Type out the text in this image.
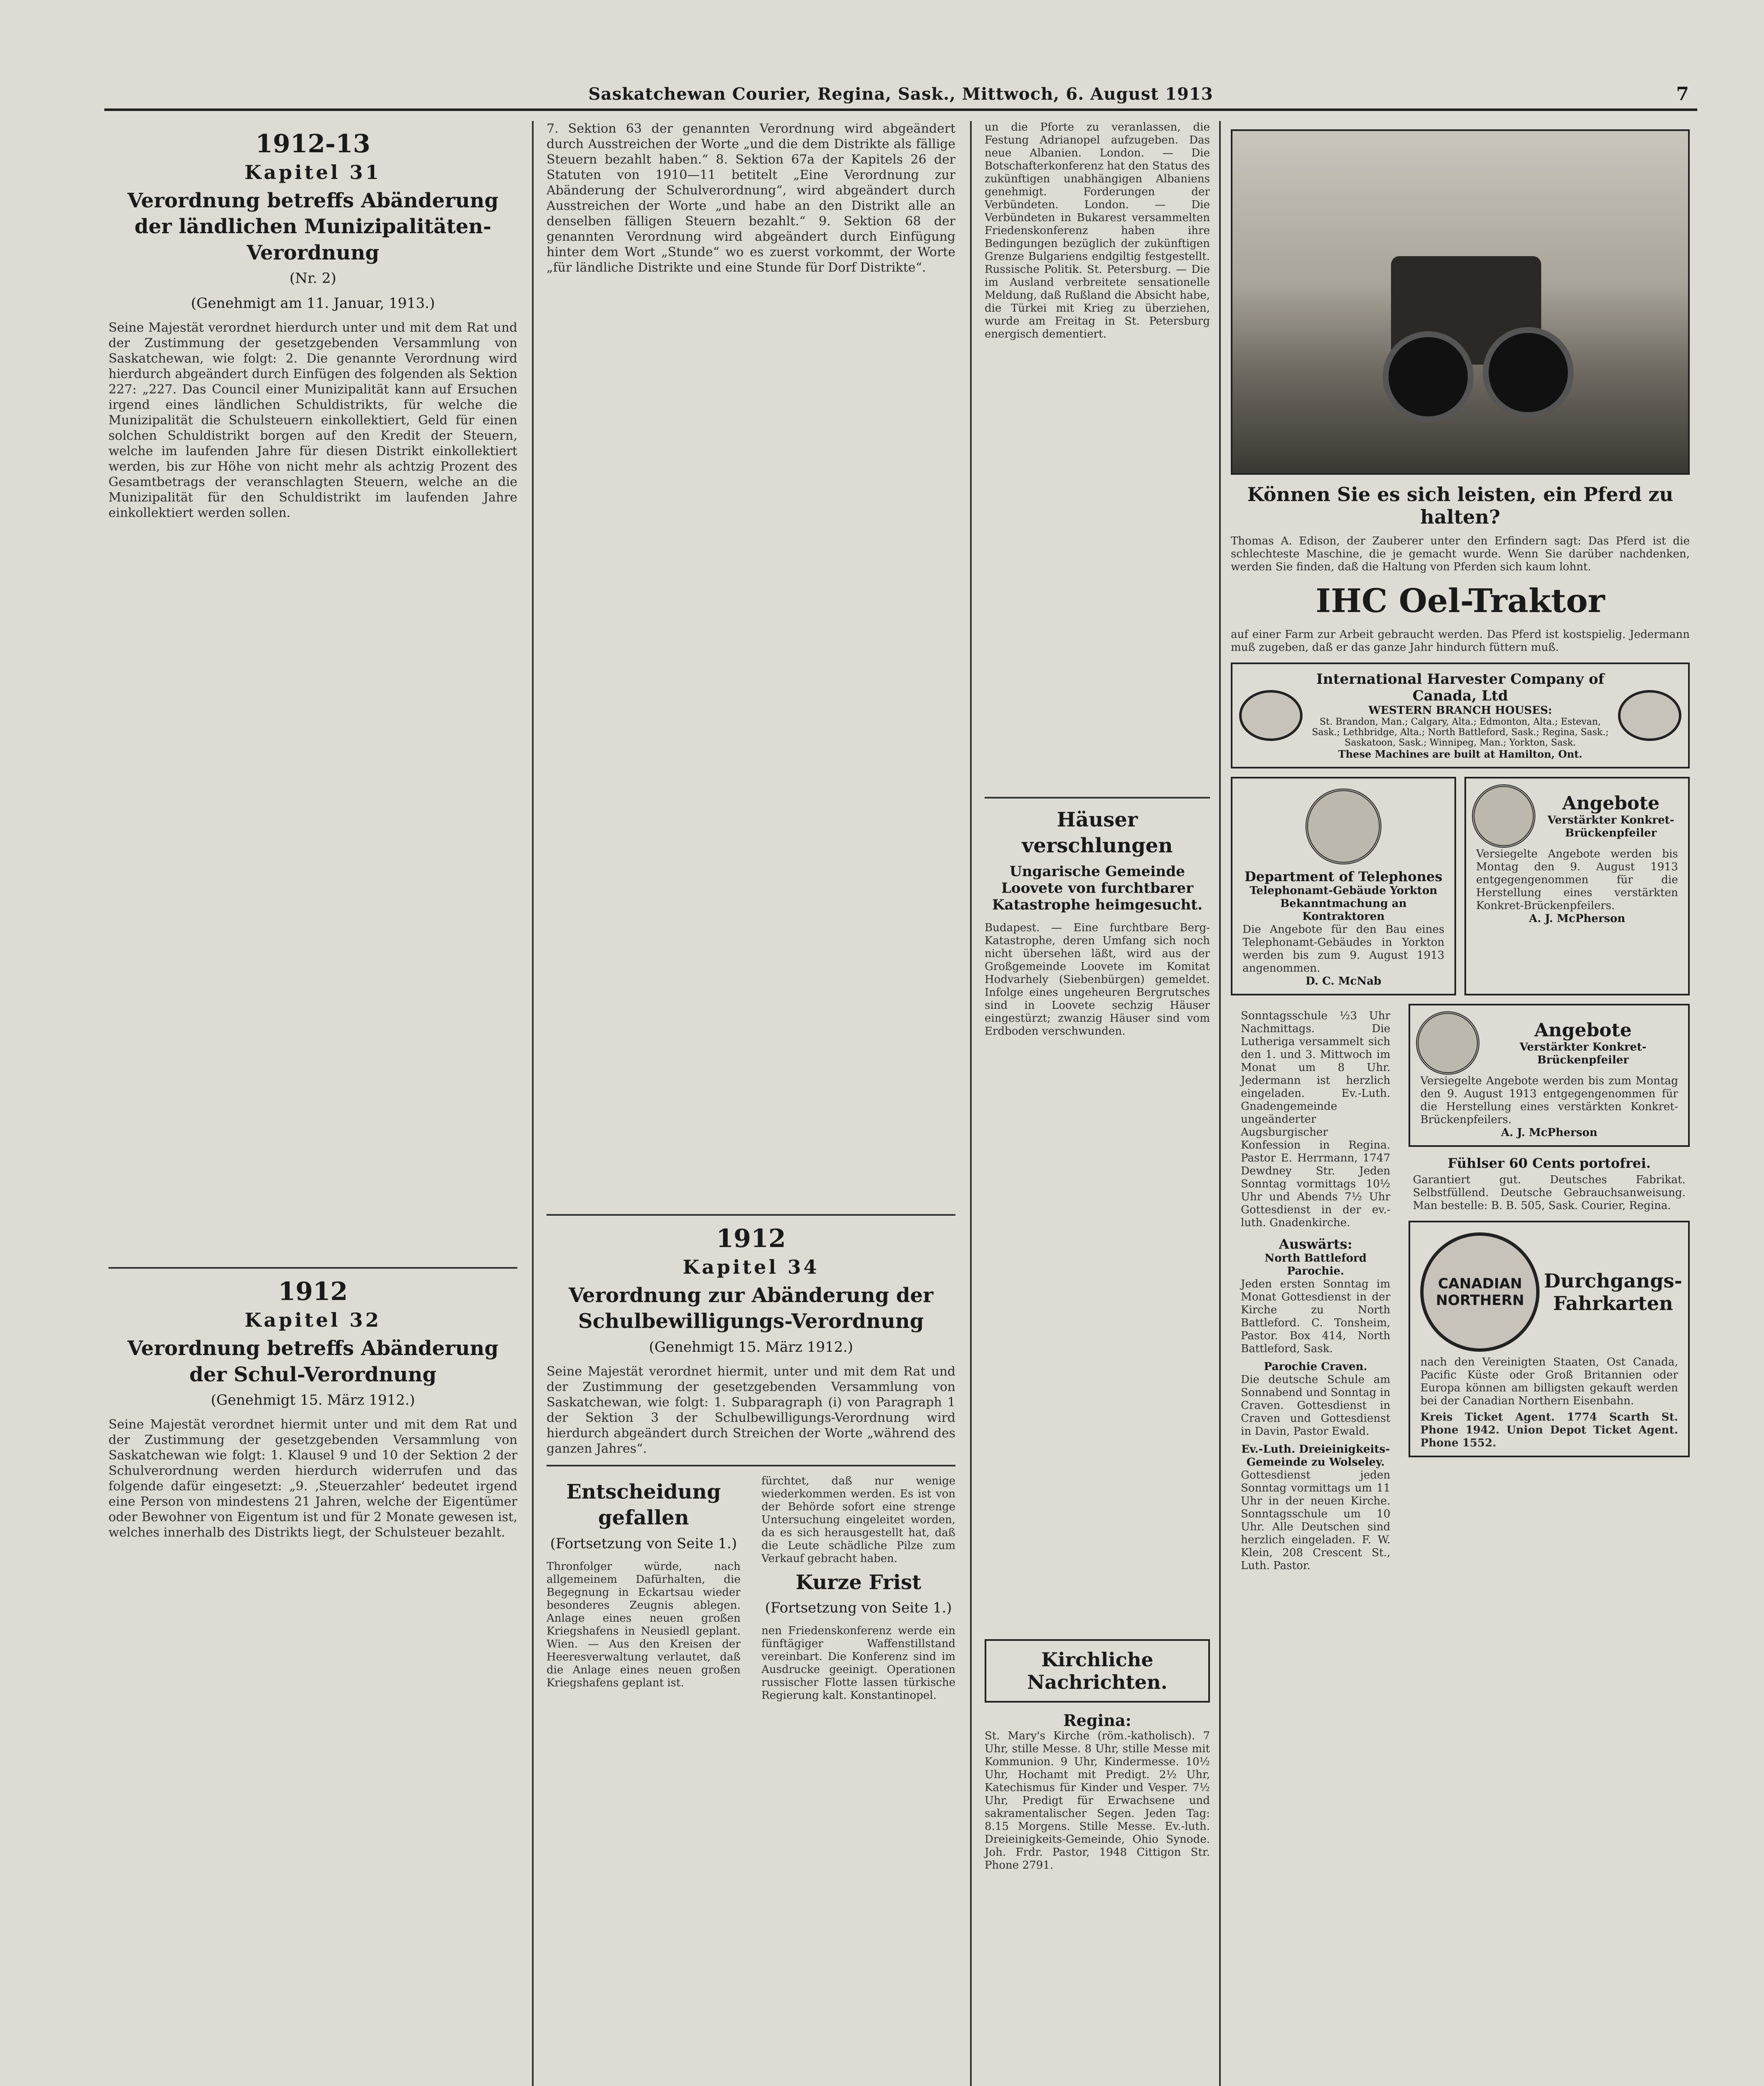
Saskatchewan Courier, Regina, Sask., Mittwoch, 6. August 1913	7
1912-13
Kapitel 31
Verordnung betreffs Abänderung der ländlichen Munizipalitäten-Verordnung
(Nr. 2)
(Genehmigt am 11. Januar, 1913.)
Seine Majestät verordnet hierdurch unter und mit dem Rat und der Zustimmung der gesetzgebenden Versammlung von Saskatchewan, wie folgt: 2. Die genannte Verordnung wird hierdurch abgeändert durch Einfügen des folgenden als Sektion 227: „227. Das Council einer Munizipalität kann auf Ersuchen irgend eines ländlichen Schuldistrikts, für welche die Munizipalität die Schulsteuern einkollektiert, Geld für einen solchen Schuldistrikt borgen auf den Kredit der Steuern, welche im laufenden Jahre für diesen Distrikt einkollektiert werden, bis zur Höhe von nicht mehr als achtzig Prozent des Gesamtbetrags der veranschlagten Steuern, welche an die Munizipalität für den Schuldistrikt im laufenden Jahre einkollektiert werden sollen.
1912
Kapitel 32
Verordnung betreffs Abänderung der Schul-Verordnung
(Genehmigt 15. März 1912.)
Seine Majestät verordnet hiermit unter und mit dem Rat und der Zustimmung der gesetzgebenden Versammlung von Saskatchewan wie folgt: 1. Klausel 9 und 10 der Sektion 2 der Schulverordnung werden hierdurch widerrufen und das folgende dafür eingesetzt: „9. ‚Steuerzahler‘ bedeutet irgend eine Person von mindestens 21 Jahren, welche der Eigentümer oder Bewohner von Eigentum ist und für 2 Monate gewesen ist, welches innerhalb des Distrikts liegt, der Schulsteuer bezahlt.
7. Sektion 63 der genannten Verordnung wird abgeändert durch Ausstreichen der Worte „und die dem Distrikte als fällige Steuern bezahlt haben.“ 8. Sektion 67a der Kapitels 26 der Statuten von 1910—11 betitelt „Eine Verordnung zur Abänderung der Schulverordnung“, wird abgeändert durch Ausstreichen der Worte „und habe an den Distrikt alle an denselben fälligen Steuern bezahlt.“ 9. Sektion 68 der genannten Verordnung wird abgeändert durch Einfügung hinter dem Wort „Stunde“ wo es zuerst vorkommt, der Worte „für ländliche Distrikte und eine Stunde für Dorf Distrikte“.
1912
Kapitel 34
Verordnung zur Abänderung der Schulbewilligungs-Verordnung
(Genehmigt 15. März 1912.)
Seine Majestät verordnet hiermit, unter und mit dem Rat und der Zustimmung der gesetzgebenden Versammlung von Saskatchewan, wie folgt: 1. Subparagraph (i) von Paragraph 1 der Sektion 3 der Schulbewilligungs-Verordnung wird hierdurch abgeändert durch Streichen der Worte „während des ganzen Jahres“.
Entscheidung gefallen
(Fortsetzung von Seite 1.)
Thronfolger würde, nach allgemeinem Dafürhalten, die Begegnung in Eckartsau wieder besonderes Zeugnis ablegen. Anlage eines neuen großen Kriegshafens in Neusiedl geplant. Wien. — Aus den Kreisen der Heeresverwaltung verlautet, daß die Anlage eines neuen großen Kriegshafens geplant ist.
fürchtet, daß nur wenige wiederkommen werden. Es ist von der Behörde sofort eine strenge Untersuchung eingeleitet worden, da es sich herausgestellt hat, daß die Leute schädliche Pilze zum Verkauf gebracht haben.
Kurze Frist
(Fortsetzung von Seite 1.)
nen Friedenskonferenz werde ein fünftägiger Waffenstillstand vereinbart. Die Konferenz sind im Ausdrucke geeinigt. Operationen russischer Flotte lassen türkische Regierung kalt. Konstantinopel.
un die Pforte zu veranlassen, die Festung Adrianopel aufzugeben. Das neue Albanien. London. — Die Botschafterkonferenz hat den Status des zukünftigen unabhängigen Albaniens genehmigt. Forderungen der Verbündeten. London. — Die Verbündeten in Bukarest versammelten Friedenskonferenz haben ihre Bedingungen bezüglich der zukünftigen Grenze Bulgariens endgiltig festgestellt. Russische Politik. St. Petersburg. — Die im Ausland verbreitete sensationelle Meldung, daß Rußland die Absicht habe, die Türkei mit Krieg zu überziehen, wurde am Freitag in St. Petersburg energisch dementiert.
Häuser verschlungen
Ungarische Gemeinde Loovete von furchtbarer Katastrophe heimgesucht.
Budapest. — Eine furchtbare Berg-Katastrophe, deren Umfang sich noch nicht übersehen läßt, wird aus der Großgemeinde Loovete im Komitat Hodvarhely (Siebenbürgen) gemeldet. Infolge eines ungeheuren Bergrutsches sind in Loovete sechzig Häuser eingestürzt; zwanzig Häuser sind vom Erdboden verschwunden.
Kirchliche Nachrichten.
Regina:
St. Mary's Kirche (röm.-katholisch). 7 Uhr, stille Messe. 8 Uhr, stille Messe mit Kommunion. 9 Uhr, Kindermesse. 10½ Uhr, Hochamt mit Predigt. 2½ Uhr, Katechismus für Kinder und Vesper. 7½ Uhr, Predigt für Erwachsene und sakramentalischer Segen. Jeden Tag: 8.15 Morgens. Stille Messe. Ev.-luth. Dreieinigkeits-Gemeinde, Ohio Synode. Joh. Frdr. Pastor, 1948 Cittigon Str. Phone 2791.
Können Sie es sich leisten, ein Pferd zu halten?
Thomas A. Edison, der Zauberer unter den Erfindern sagt: Das Pferd ist die schlechteste Maschine, die je gemacht wurde. Wenn Sie darüber nachdenken, werden Sie finden, daß die Haltung von Pferden sich kaum lohnt.
IHC Oel-Traktor
auf einer Farm zur Arbeit gebraucht werden. Das Pferd ist kostspielig. Jedermann muß zugeben, daß er das ganze Jahr hindurch füttern muß.
International Harvester Company of Canada, Ltd
WESTERN BRANCH HOUSES:
St. Brandon, Man.; Calgary, Alta.; Edmonton, Alta.; Estevan, Sask.; Lethbridge, Alta.; North Battleford, Sask.; Regina, Sask.; Saskatoon, Sask.; Winnipeg, Man.; Yorkton, Sask.
These Machines are built at Hamilton, Ont.
Department of Telephones
Telephonamt-Gebäude Yorkton Bekanntmachung an Kontraktoren
Die Angebote für den Bau eines Telephonamt-Gebäudes in Yorkton werden bis zum 9. August 1913 angenommen.
D. C. McNab
Angebote
Verstärkter Konkret-Brückenpfeiler
Versiegelte Angebote werden bis Montag den 9. August 1913 entgegengenommen für die Herstellung eines verstärkten Konkret-Brückenpfeilers.
A. J. McPherson
Sonntagsschule ½3 Uhr Nachmittags. Die Lutheriga versammelt sich den 1. und 3. Mittwoch im Monat um 8 Uhr. Jedermann ist herzlich eingeladen. Ev.-Luth. Gnadengemeinde ungeänderter Augsburgischer Konfession in Regina. Pastor E. Herrmann, 1747 Dewdney Str. Jeden Sonntag vormittags 10½ Uhr und Abends 7½ Uhr Gottesdienst in der ev.-luth. Gnadenkirche.
Auswärts:
North Battleford Parochie.
Jeden ersten Sonntag im Monat Gottesdienst in der Kirche zu North Battleford. C. Tonsheim, Pastor. Box 414, North Battleford, Sask.
Parochie Craven.
Die deutsche Schule am Sonnabend und Sonntag in Craven. Gottesdienst in Craven und Gottesdienst in Davin, Pastor Ewald.
Ev.-Luth. Dreieinigkeits-Gemeinde zu Wolseley.
Gottesdienst jeden Sonntag vormittags um 11 Uhr in der neuen Kirche. Sonntagsschule um 10 Uhr. Alle Deutschen sind herzlich eingeladen. F. W. Klein, 208 Crescent St., Luth. Pastor.
Angebote
Verstärkter Konkret-Brückenpfeiler
Versiegelte Angebote werden bis zum Montag den 9. August 1913 entgegengenommen für die Herstellung eines verstärkten Konkret-Brückenpfeilers.
A. J. McPherson
Fühlser 60 Cents portofrei.
Garantiert gut. Deutsches Fabrikat. Selbstfüllend. Deutsche Gebrauchsanweisung. Man bestelle: B. B. 505, Sask. Courier, Regina.
CANADIAN NORTHERN
Durchgangs-Fahrkarten
nach den Vereinigten Staaten, Ost Canada, Pacific Küste oder Groß Britannien oder Europa können am billigsten gekauft werden bei der Canadian Northern Eisenbahn.
Kreis Ticket Agent. 1774 Scarth St. Phone 1942. Union Depot Ticket Agent. Phone 1552.
